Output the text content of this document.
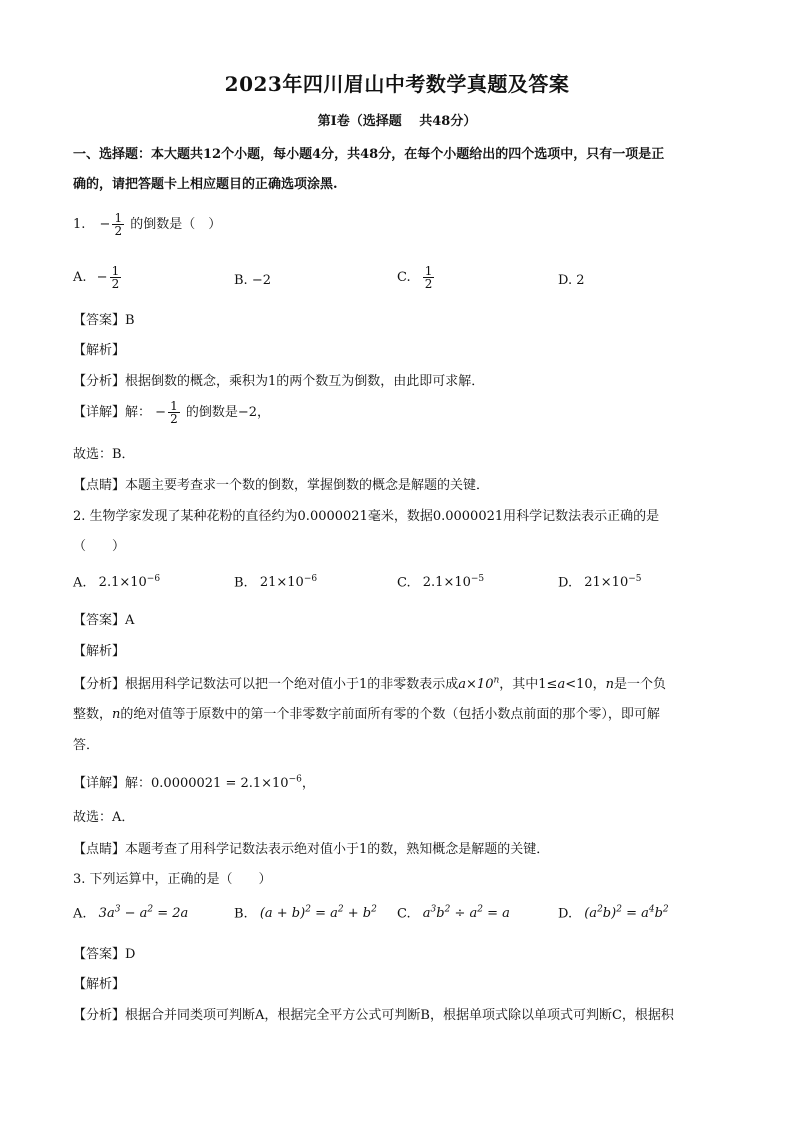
2023年四川眉山中考数学真题及答案
第Ⅰ卷（选择题　 共48分）
一、选择题：本大题共12个小题，每小题4分，共48分，在每个小题给出的四个选项中，只有一项是正
确的，请把答题卡上相应题目的正确选项涂黑.
1. − $\frac{1}{2}$ 的倒数是（　）
A. − $\frac{1}{2}$	B. −2	C. $\frac{1}{2}$	D. 2
【答案】B
【解析】
【分析】根据倒数的概念，乘积为1的两个数互为倒数，由此即可求解．
【详解】解： − $\frac{1}{2}$ 的倒数是−2，
故选：B．
【点睛】本题主要考查求一个数的倒数，掌握倒数的概念是解题的关键．
2. 生物学家发现了某种花粉的直径约为0.0000021毫米，数据0.0000021用科学记数法表示正确的是
（　　）
A. $2.1\times 10^{-6}$	B. $21\times 10^{-6}$	C. $2.1\times 10^{-5}$	D. $21\times 10^{-5}$
【答案】A
【解析】
【分析】根据用科学记数法可以把一个绝对值小于1的非零数表示成$a\times 10^n$，其中1≤a<10，n是一个负
整数，n的绝对值等于原数中的第一个非零数字前面所有零的个数（包括小数点前面的那个零），即可解
答．
【详解】解：$0.0000021 = 2.1\times 10^{-6}$，
故选：A．
【点睛】本题考查了用科学记数法表示绝对值小于1的数，熟知概念是解题的关键．
3. 下列运算中，正确的是（　　）
A. $3a^3 - a^2 = 2a$	B. $(a + b)^2 = a^2 + b^2$ C. $a^3b^2 \div a^2 = a$	D. $(a^2b)^2 = a^4b^2$
【答案】D
【解析】
【分析】根据合并同类项可判断A，根据完全平方公式可判断B，根据单项式除以单项式可判断C，根据积
